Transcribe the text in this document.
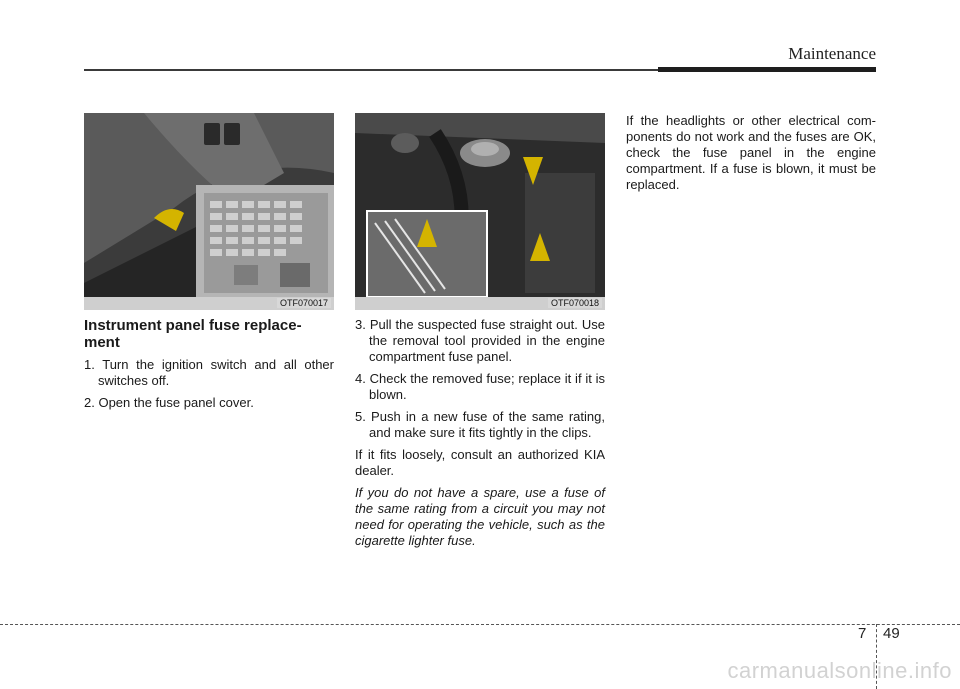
Maintenance
OTF070017	OTF070018
Instrument panel fuse replace-ment

1. Turn the ignition switch and all other switches off.

2. Open the fuse panel cover.

3. Pull the suspected fuse straight out. Use the removal tool provided in the engine compartment fuse panel.

4. Check the removed fuse; replace it if it is blown.

5. Push in a new fuse of the same rating, and make sure it fits tightly in the clips.

If it fits loosely, consult an authorized KIA dealer.

If you do not have a spare, use a fuse of the same rating from a circuit you may not need for operating the vehicle, such as the cigarette lighter fuse.

If the headlights or other electrical com-ponents do not work and the fuses are OK, check the fuse panel in the engine compartment. If a fuse is blown, it must be replaced.

7 49
carmanualsonline.info
